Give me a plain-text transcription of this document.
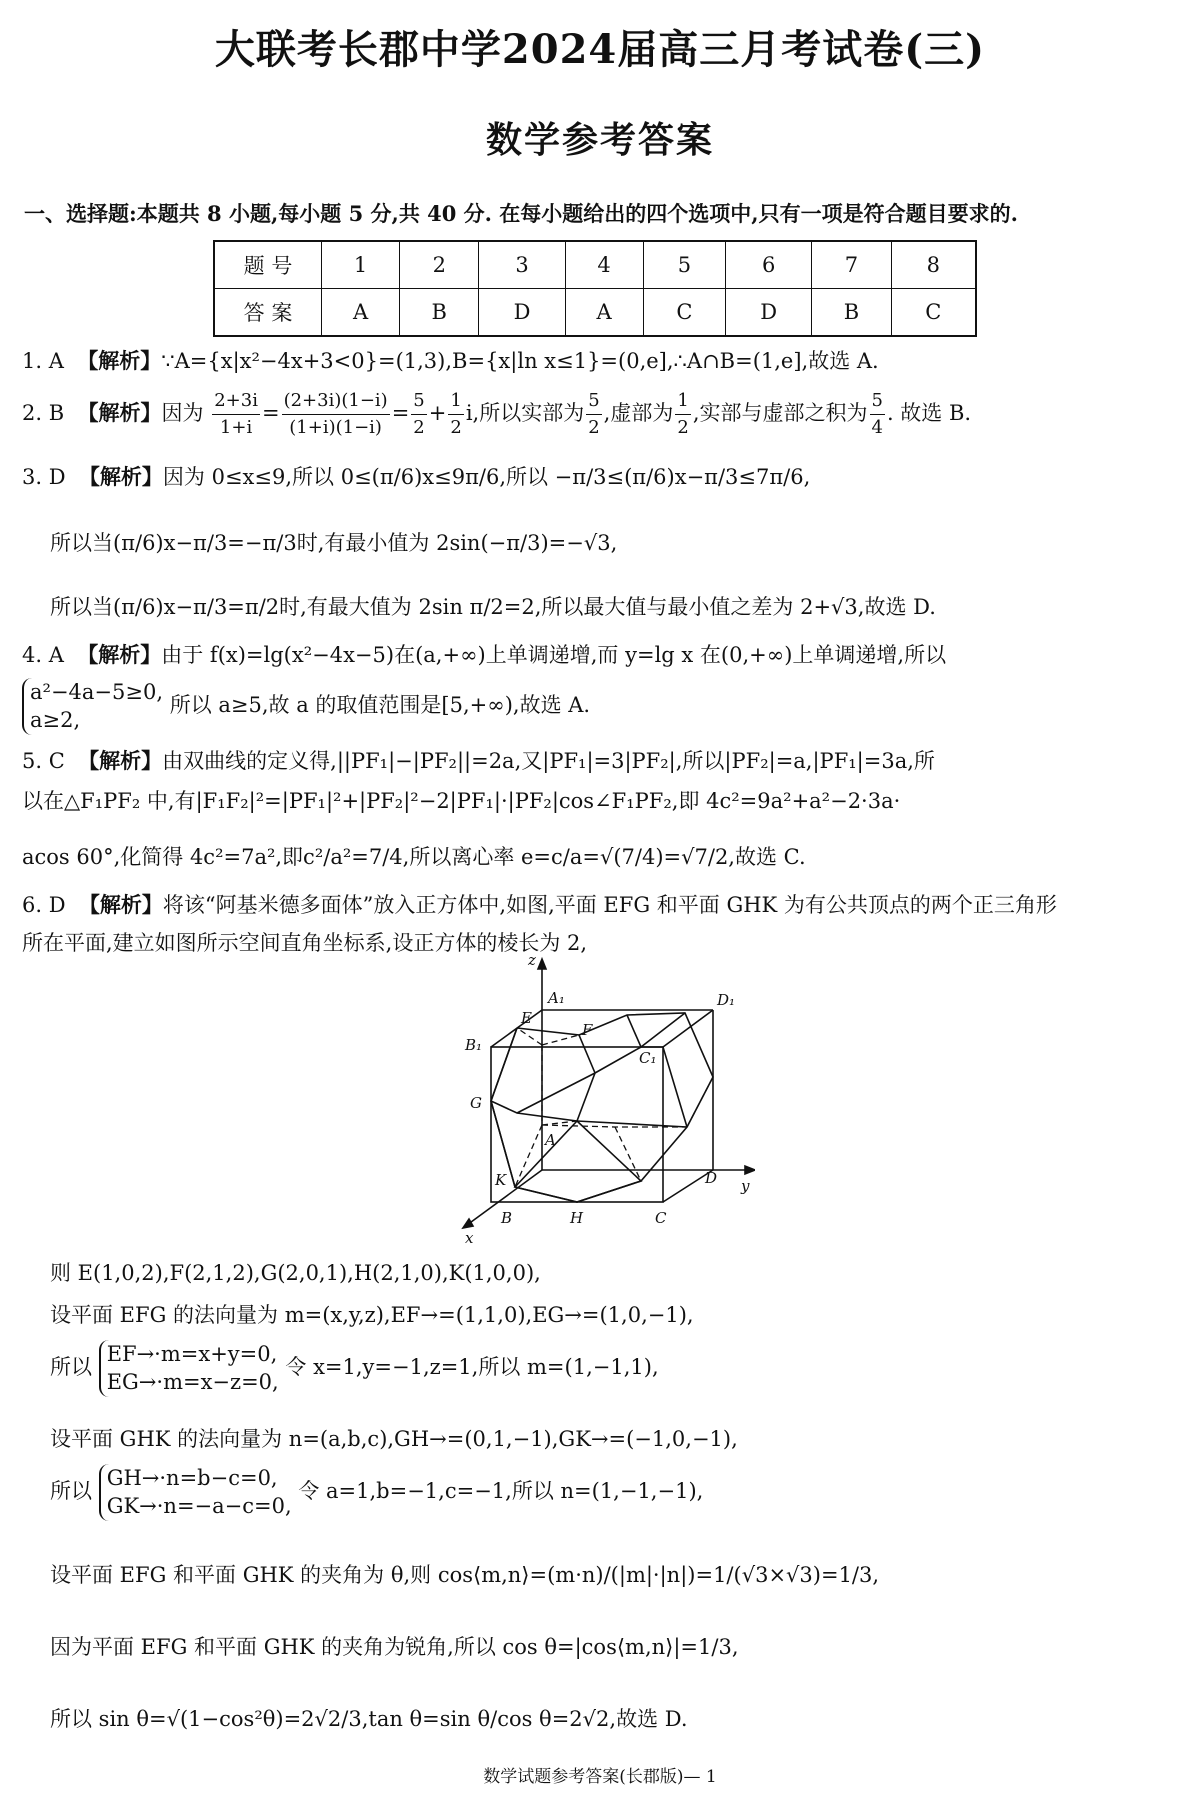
大联考长郡中学2024届高三月考试卷(三)
数学参考答案
一、选择题:本题共 8 小题,每小题 5 分,共 40 分. 在每小题给出的四个选项中,只有一项是符合题目要求的.
题 号	1	2	3	4	5	6	7	8
答 案	A	B	D	A	C	D	B	C
1. A 【解析】∵A={x|x²−4x+3<0}=(1,3),B={x|ln x≤1}=(0,e],∴A∩B=(1,e],故选 A.
2. B 【解析】因为 $\frac{2+3i}{1+i} = \frac{(2+3i)(1-i)}{(1+i)(1-i)} = \frac{5}{2} + \frac{1}{2} i$,所以实部为 $\frac{5}{2}$ ,虚部为 $\frac{1}{2}$ ,实部与虚部之积为 $\frac{5}{4}$ . 故选 B.
3. D 【解析】因为 0≤x≤9,所以 0≤(π/6)x≤9π/6,所以 −π/3≤(π/6)x−π/3≤7π/6,
所以当(π/6)x−π/3=−π/3时,有最小值为 2sin(−π/3)=−√3,
所以当(π/6)x−π/3=π/2时,有最大值为 2sin π/2=2,所以最大值与最小值之差为 2+√3,故选 D.
4. A 【解析】由于 f(x)=lg(x²−4x−5)在(a,+∞)上单调递增,而 y=lg x 在(0,+∞)上单调递增,所以
a²−4a−5≥0,
a≥2, 所以 a≥5,故 a 的取值范围是[5,+∞),故选 A.
5. C 【解析】由双曲线的定义得,||PF₁|−|PF₂||=2a,又|PF₁|=3|PF₂|,所以|PF₂|=a,|PF₁|=3a,所
以在△F₁PF₂ 中,有|F₁F₂|²=|PF₁|²+|PF₂|²−2|PF₁|·|PF₂|cos∠F₁PF₂,即 4c²=9a²+a²−2·3a·
acos 60°,化简得 4c²=7a²,即c²/a²=7/4,所以离心率 e=c/a=√(7/4)=√7/2,故选 C.
6. D 【解析】将该“阿基米德多面体”放入正方体中,如图,平面 EFG 和平面 GHK 为有公共顶点的两个正三角形
所在平面,建立如图所示空间直角坐标系,设正方体的棱长为 2,
z
y
x
A₁	D₁
B₁
C₁
E
F
G
H
K
A
B	C
D
则 E(1,0,2),F(2,1,2),G(2,0,1),H(2,1,0),K(1,0,0),
设平面 EFG 的法向量为 m=(x,y,z),EF→=(1,1,0),EG→=(1,0,−1),
所以 EF→·m=x+y=0,
EG→·m=x−z=0, 令 x=1,y=−1,z=1,所以 m=(1,−1,1),
设平面 GHK 的法向量为 n=(a,b,c),GH→=(0,1,−1),GK→=(−1,0,−1),
所以 GH→·n=b−c=0,
GK→·n=−a−c=0, 令 a=1,b=−1,c=−1,所以 n=(1,−1,−1),
设平面 EFG 和平面 GHK 的夹角为 θ,则 cos⟨m,n⟩=(m·n)/(|m|·|n|)=1/(√3×√3)=1/3,
因为平面 EFG 和平面 GHK 的夹角为锐角,所以 cos θ=|cos⟨m,n⟩|=1/3,
所以 sin θ=√(1−cos²θ)=2√2/3,tan θ=sin θ/cos θ=2√2,故选 D.
数学试题参考答案(长郡版)— 1
